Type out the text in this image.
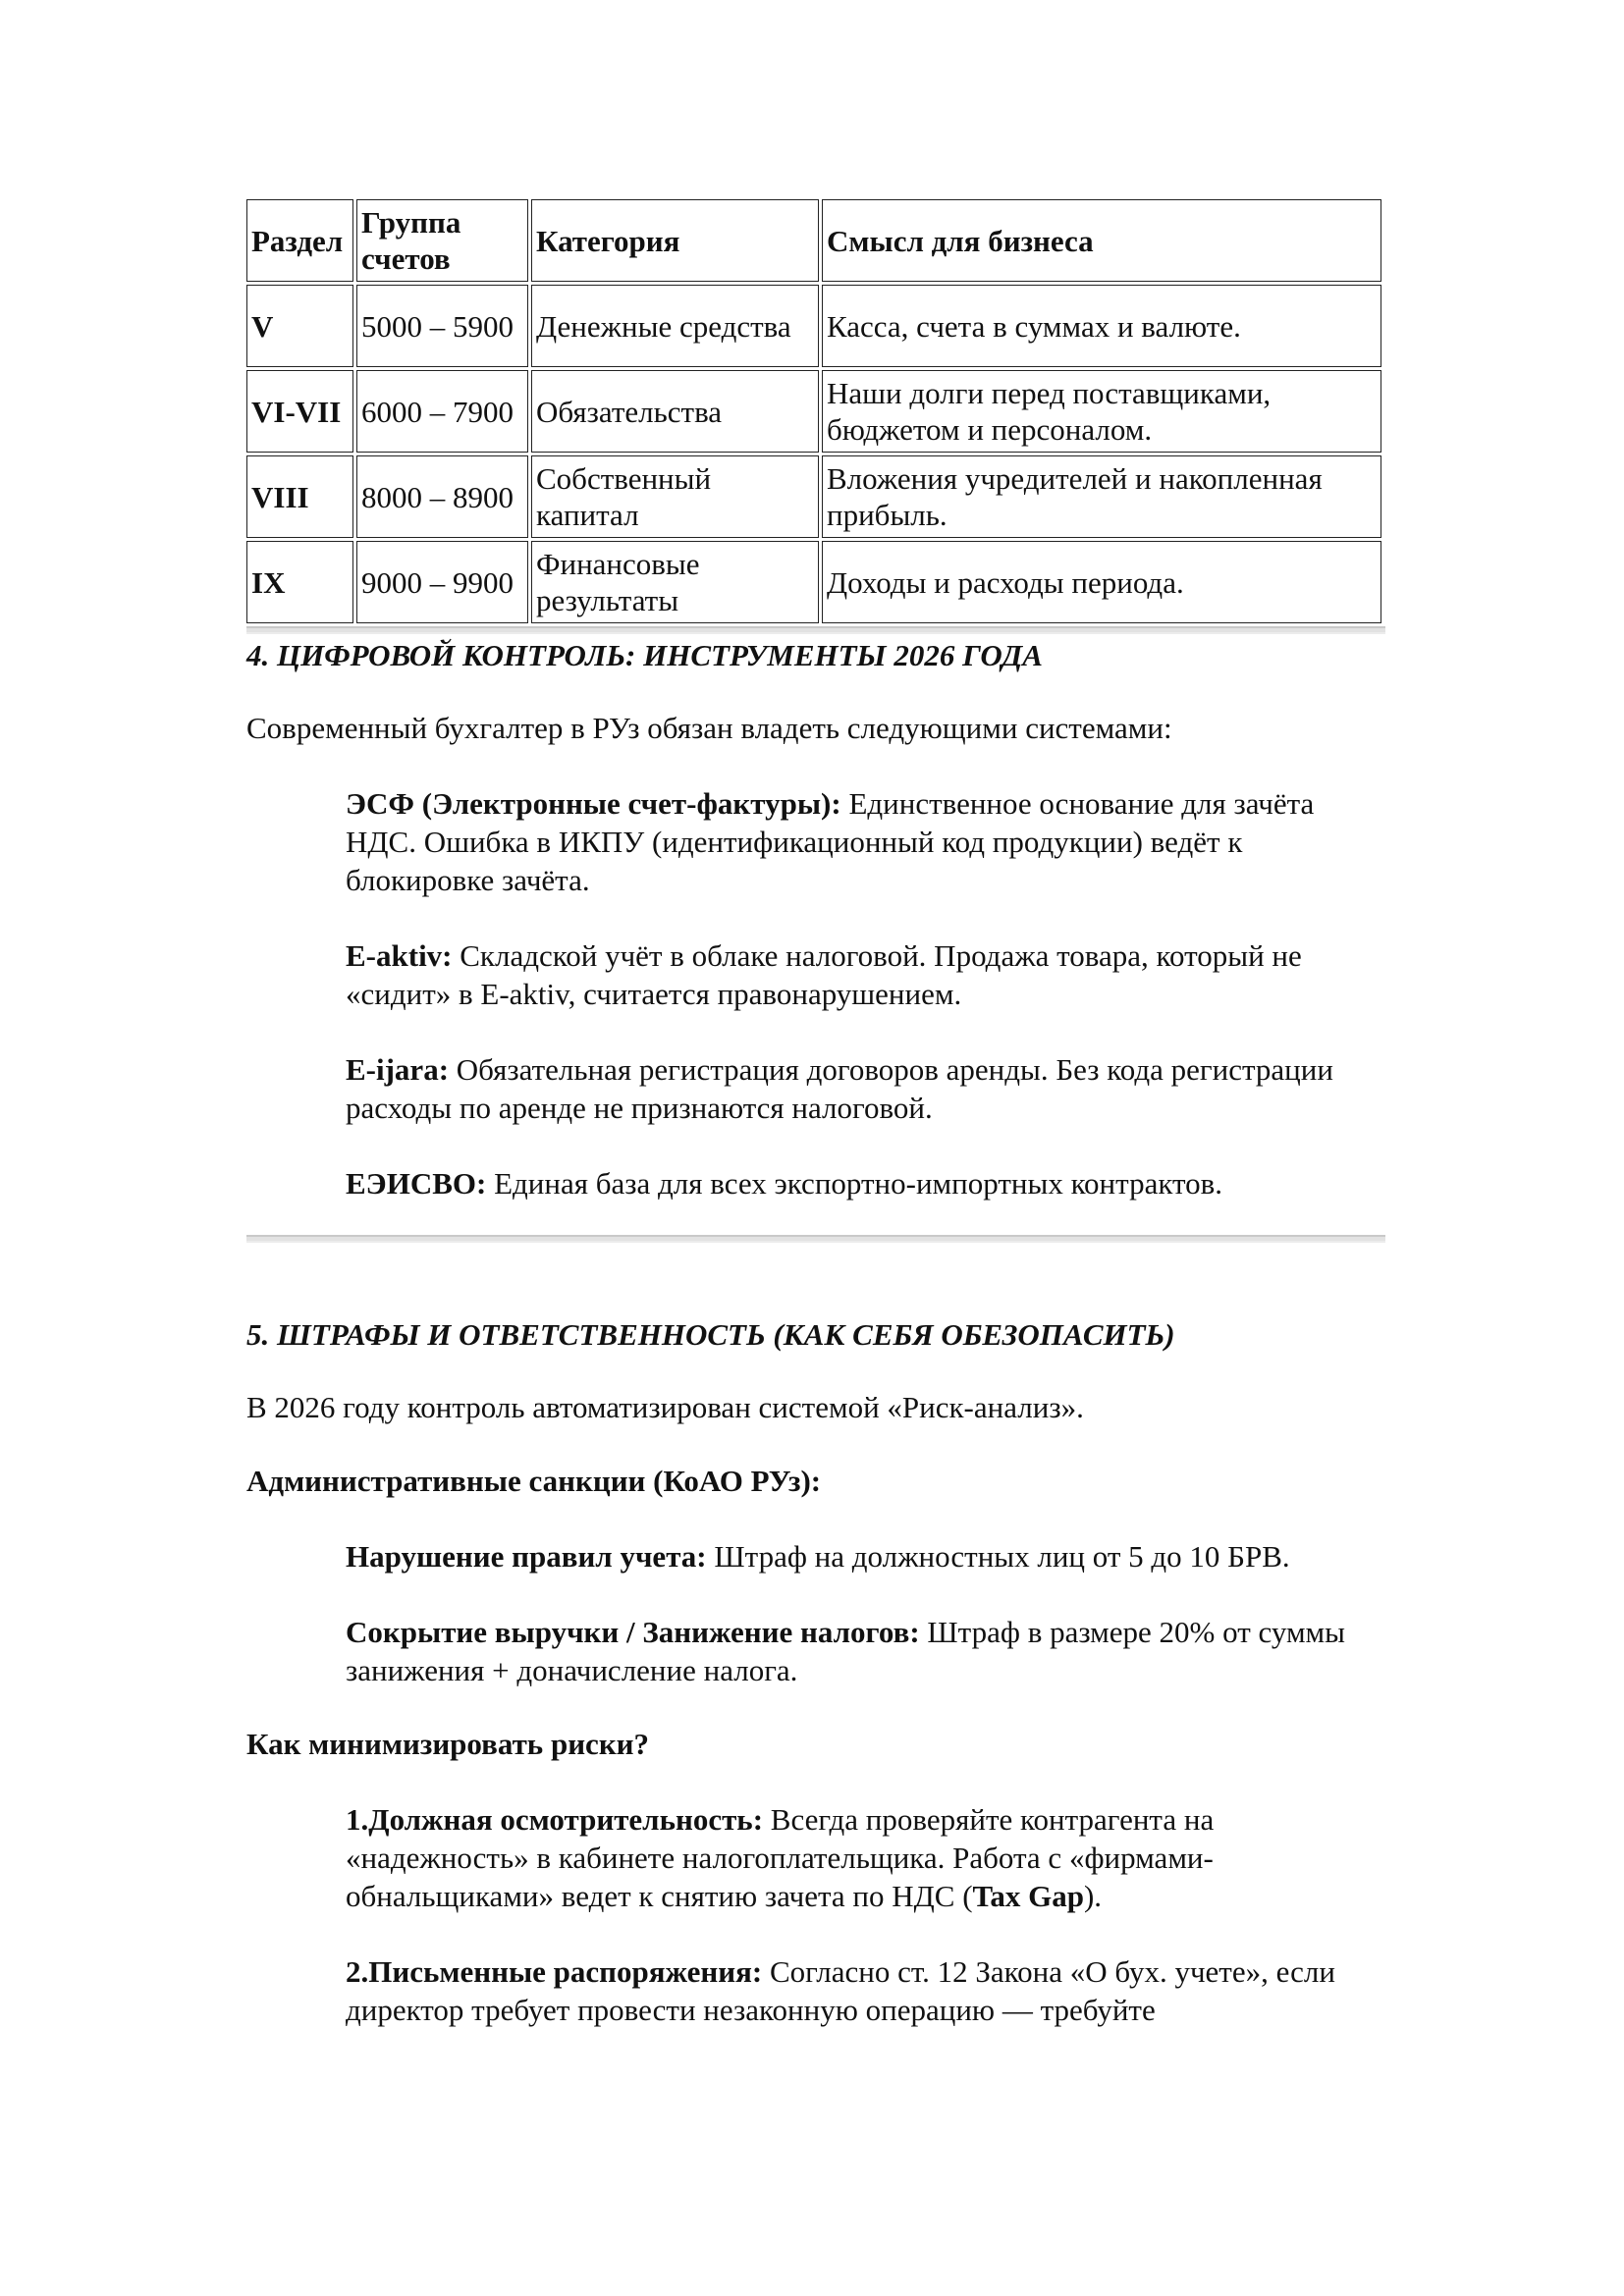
Раздел	Группа счетов	Категория	Смысл для бизнеса
V	5000 – 5900	Денежные средства	Касса, счета в суммах и валюте.
VI-VII	6000 – 7900	Обязательства	Наши долги перед поставщиками, бюджетом и персоналом.
VIII	8000 – 8900	Собственный капитал	Вложения учредителей и накопленная прибыль.
IX	9000 – 9900	Финансовые результаты	Доходы и расходы периода.
4. ЦИФРОВОЙ КОНТРОЛЬ: ИНСТРУМЕНТЫ 2026 ГОДА

Современный бухгалтер в РУз обязан владеть следующими системами:

ЭСФ (Электронные счет-фактуры): Единственное основание для зачёта НДС. Ошибка в ИКПУ (идентификационный код продукции) ведёт к блокировке зачёта.

E-aktiv: Складской учёт в облаке налоговой. Продажа товара, который не «сидит» в E-aktiv, считается правонарушением.

E-ijara: Обязательная регистрация договоров аренды. Без кода регистрации расходы по аренде не признаются налоговой.

ЕЭИСВО: Единая база для всех экспортно-импортных контрактов.

5. ШТРАФЫ И ОТВЕТСТВЕННОСТЬ (КАК СЕБЯ ОБЕЗОПАСИТЬ)

В 2026 году контроль автоматизирован системой «Риск-анализ».

Административные санкции (КоАО РУз):

Нарушение правил учета: Штраф на должностных лиц от 5 до 10 БРВ.

Сокрытие выручки / Занижение налогов: Штраф в размере 20% от суммы занижения + доначисление налога.

Как минимизировать риски?

1.Должная осмотрительность: Всегда проверяйте контрагента на «надежность» в кабинете налогоплательщика. Работа с «фирмами-обнальщиками» ведет к снятию зачета по НДС (Tax Gap).

2.Письменные распоряжения: Согласно ст. 12 Закона «О бух. учете», если директор требует провести незаконную операцию — требуйте
